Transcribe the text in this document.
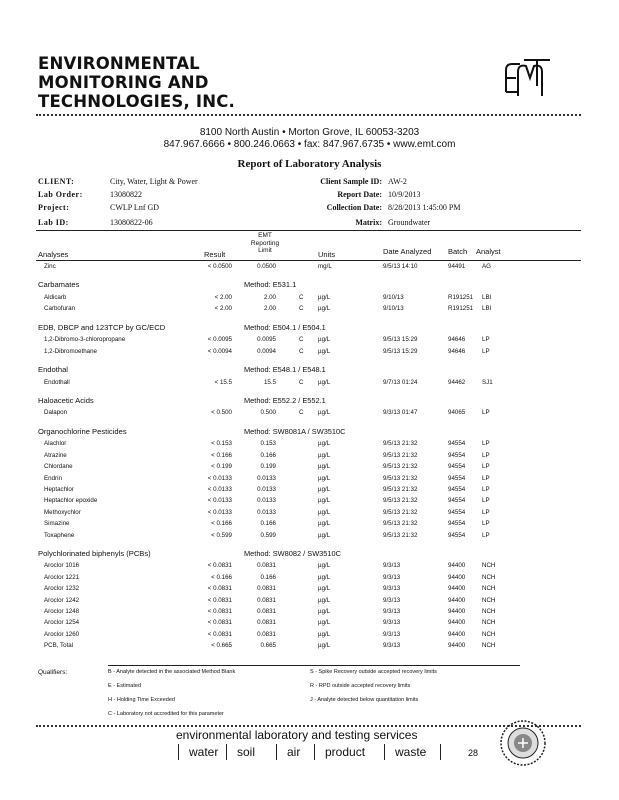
ENVIRONMENTAL
MONITORING AND
TECHNOLOGIES, INC.
8100 North Austin • Morton Grove, IL 60053-3203
847.967.6666 • 800.246.0663 • fax: 847.967.6735 • www.emt.com
Report of Laboratory Analysis
CLIENT:	City, Water, Light & Power
Lab Order:	13080822
Project:	CWLP Lnf GD
Lab ID:	13080822-06
Client Sample ID: AW-2
Report Date: 10/9/2013
Collection Date: 8/28/2013 1:45:00 PM
Matrix: Groundwater
Analyses	Result
EMT
Reporting
Limit	Units	Date Analyzed Batch Analyst
Zinc	< 0.0500	0.0500	mg/L	9/5/13 14:10	94491	AG
Carbamates	Method: E531.1
Aldicarb	< 2.00	2.00	C µg/L	9/10/13	R191251 LBI
Carbofuran	< 2.00	2.00	C µg/L	9/10/13	R191251 LBI
EDB, DBCP and 123TCP by GC/ECD	Method: E504.1 / E504.1
1,2-Dibromo-3-chloropropane	< 0.0095	0.0095	C µg/L	9/5/13 15:29	94646	LP
1,2-Dibromoethane	< 0.0094	0.0094	C µg/L	9/5/13 15:29	94646	LP
Endothal	Method: E548.1 / E548.1
Endothall	< 15.5	15.5	C µg/L	9/7/13 01:24	94462	SJ1
Haloacetic Acids	Method: E552.2 / E552.1
Dalapon	< 0.500	0.500	C µg/L	9/3/13 01:47	94065	LP
Organochlorine Pesticides	Method: SW8081A / SW3510C
Alachlor	< 0.153	0.153	µg/L	9/5/13 21:32	94554	LP
Atrazine	< 0.166	0.166	µg/L	9/5/13 21:32	94554	LP
Chlordane	< 0.199	0.199	µg/L	9/5/13 21:32	94554	LP
Endrin	< 0.0133	0.0133	µg/L	9/5/13 21:32	94554	LP
Heptachlor	< 0.0133	0.0133	µg/L	9/5/13 21:32	94554	LP
Heptachlor epoxide	< 0.0133	0.0133	µg/L	9/5/13 21:32	94554	LP
Methoxychlor	< 0.0133	0.0133	µg/L	9/5/13 21:32	94554	LP
Simazine	< 0.166	0.166	µg/L	9/5/13 21:32	94554	LP
Toxaphene	< 0.599	0.599	µg/L	9/5/13 21:32	94554	LP
Polychlorinated biphenyls (PCBs)	Method: SW8082 / SW3510C
Aroclor 1016	< 0.0831	0.0831	µg/L	9/3/13	94400	NCH
Aroclor 1221	< 0.166	0.166	µg/L	9/3/13	94400	NCH
Aroclor 1232	< 0.0831	0.0831	µg/L	9/3/13	94400	NCH
Aroclor 1242	< 0.0831	0.0831	µg/L	9/3/13	94400	NCH
Aroclor 1248	< 0.0831	0.0831	µg/L	9/3/13	94400	NCH
Aroclor 1254	< 0.0831	0.0831	µg/L	9/3/13	94400	NCH
Aroclor 1260	< 0.0831	0.0831	µg/L	9/3/13	94400	NCH
PCB, Total	< 0.665	0.665	µg/L	9/3/13	94400	NCH
Qualifiers:	B - Analyte detected in the associated Method Blank
E - Estimated
H - Holding Time Exceeded
C - Laboratory not accredited for this parameter
S - Spike Recovery outside accepted recovery limits
R - RPD outside accepted recovery limits
J - Analyte detected below quantitation limits
environmental laboratory and testing services
water	soil	air	product	waste	28
